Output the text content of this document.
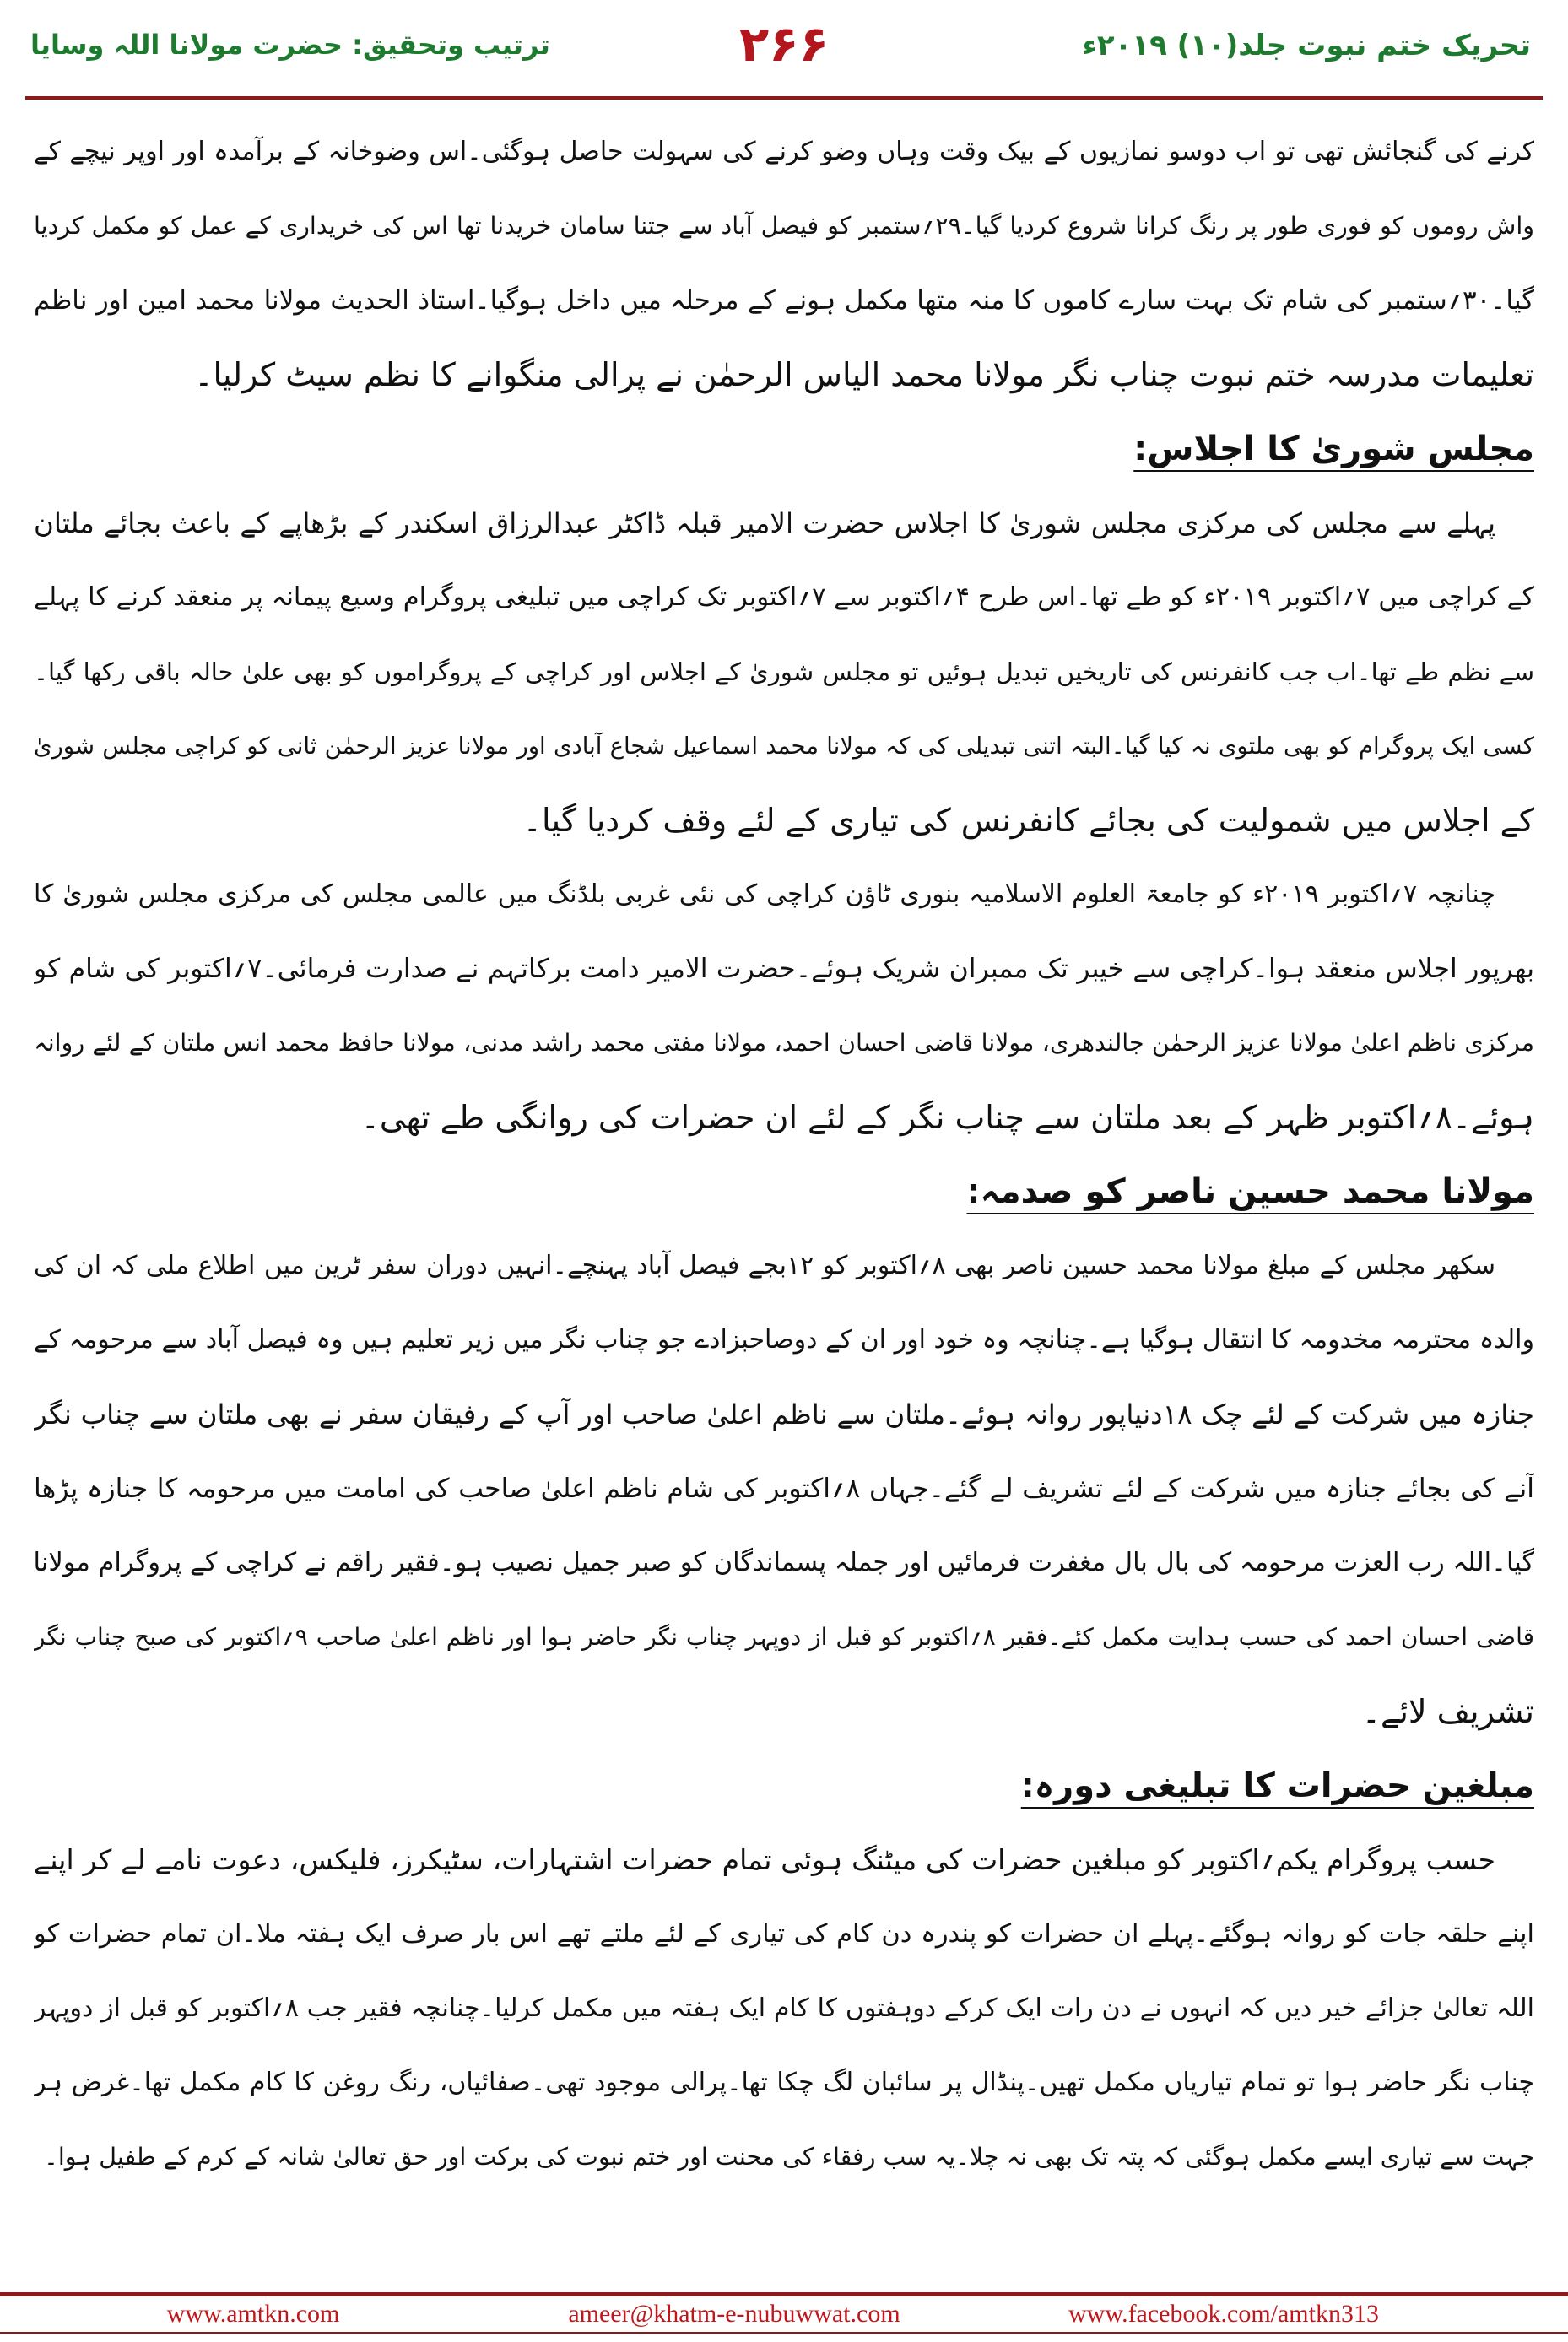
تحریک ختم نبوت جلد(۱۰) ۲۰۱۹ء
۲۶۶
ترتیب وتحقیق: حضرت مولانا اللہ وسایا
کرنے کی گنجائش تھی تو اب دوسو نمازیوں کے بیک وقت وہاں وضو کرنے کی سہولت حاصل ہوگئی۔اس وضوخانہ کے برآمدہ اور اوپر نیچے کے
واش روموں کو فوری طور پر رنگ کرانا شروع کردیا گیا۔۲۹؍ستمبر کو فیصل آباد سے جتنا سامان خریدنا تھا اس کی خریداری کے عمل کو مکمل کردیا
گیا۔۳۰؍ستمبر کی شام تک بہت سارے کاموں کا منہ متھا مکمل ہونے کے مرحلہ میں داخل ہوگیا۔استاذ الحدیث مولانا محمد امین اور ناظم
تعلیمات مدرسہ ختم نبوت چناب نگر مولانا محمد الیاس الرحمٰن نے پرالی منگوانے کا نظم سیٹ کرلیا۔
مجلس شوریٰ کا اجلاس:
پہلے سے مجلس کی مرکزی مجلس شوریٰ کا اجلاس حضرت الامیر قبلہ ڈاکٹر عبدالرزاق اسکندر کے بڑھاپے کے باعث بجائے ملتان
کے کراچی میں ۷؍اکتوبر ۲۰۱۹ء کو طے تھا۔اس طرح ۴؍اکتوبر سے ۷؍اکتوبر تک کراچی میں تبلیغی پروگرام وسیع پیمانہ پر منعقد کرنے کا پہلے
سے نظم طے تھا۔اب جب کانفرنس کی تاریخیں تبدیل ہوئیں تو مجلس شوریٰ کے اجلاس اور کراچی کے پروگراموں کو بھی علیٰ حالہ باقی رکھا گیا۔
کسی ایک پروگرام کو بھی ملتوی نہ کیا گیا۔البتہ اتنی تبدیلی کی کہ مولانا محمد اسماعیل شجاع آبادی اور مولانا عزیز الرحمٰن ثانی کو کراچی مجلس شوریٰ
کے اجلاس میں شمولیت کی بجائے کانفرنس کی تیاری کے لئے وقف کردیا گیا۔
چنانچہ ۷؍اکتوبر ۲۰۱۹ء کو جامعۃ العلوم الاسلامیہ بنوری ٹاؤن کراچی کی نئی غربی بلڈنگ میں عالمی مجلس کی مرکزی مجلس شوریٰ کا
بھرپور اجلاس منعقد ہوا۔کراچی سے خیبر تک ممبران شریک ہوئے۔حضرت الامیر دامت برکاتہم نے صدارت فرمائی۔۷؍اکتوبر کی شام کو
مرکزی ناظم اعلیٰ مولانا عزیز الرحمٰن جالندھری، مولانا قاضی احسان احمد، مولانا مفتی محمد راشد مدنی، مولانا حافظ محمد انس ملتان کے لئے روانہ
ہوئے۔۸؍اکتوبر ظہر کے بعد ملتان سے چناب نگر کے لئے ان حضرات کی روانگی طے تھی۔
مولانا محمد حسین ناصر کو صدمہ:
سکھر مجلس کے مبلغ مولانا محمد حسین ناصر بھی ۸؍اکتوبر کو ۱۲بجے فیصل آباد پہنچے۔انہیں دوران سفر ٹرین میں اطلاع ملی کہ ان کی
والدہ محترمہ مخدومہ کا انتقال ہوگیا ہے۔چنانچہ وہ خود اور ان کے دوصاحبزادے جو چناب نگر میں زیر تعلیم ہیں وہ فیصل آباد سے مرحومہ کے
جنازہ میں شرکت کے لئے چک ۱۸دنیاپور روانہ ہوئے۔ملتان سے ناظم اعلیٰ صاحب اور آپ کے رفیقان سفر نے بھی ملتان سے چناب نگر
آنے کی بجائے جنازہ میں شرکت کے لئے تشریف لے گئے۔جہاں ۸؍اکتوبر کی شام ناظم اعلیٰ صاحب کی امامت میں مرحومہ کا جنازہ پڑھا
گیا۔اللہ رب العزت مرحومہ کی بال بال مغفرت فرمائیں اور جملہ پسماندگان کو صبر جمیل نصیب ہو۔فقیر راقم نے کراچی کے پروگرام مولانا
قاضی احسان احمد کی حسب ہدایت مکمل کئے۔فقیر ۸؍اکتوبر کو قبل از دوپہر چناب نگر حاضر ہوا اور ناظم اعلیٰ صاحب ۹؍اکتوبر کی صبح چناب نگر
تشریف لائے۔
مبلغین حضرات کا تبلیغی دورہ:
حسب پروگرام یکم؍اکتوبر کو مبلغین حضرات کی میٹنگ ہوئی تمام حضرات اشتہارات، سٹیکرز، فلیکس، دعوت نامے لے کر اپنے
اپنے حلقہ جات کو روانہ ہوگئے۔پہلے ان حضرات کو پندرہ دن کام کی تیاری کے لئے ملتے تھے اس بار صرف ایک ہفتہ ملا۔ان تمام حضرات کو
اللہ تعالیٰ جزائے خیر دیں کہ انہوں نے دن رات ایک کرکے دوہفتوں کا کام ایک ہفتہ میں مکمل کرلیا۔چنانچہ فقیر جب ۸؍اکتوبر کو قبل از دوپہر
چناب نگر حاضر ہوا تو تمام تیاریاں مکمل تھیں۔پنڈال پر سائبان لگ چکا تھا۔پرالی موجود تھی۔صفائیاں، رنگ روغن کا کام مکمل تھا۔غرض ہر
جہت سے تیاری ایسے مکمل ہوگئی کہ پتہ تک بھی نہ چلا۔یہ سب رفقاء کی محنت اور ختم نبوت کی برکت اور حق تعالیٰ شانہ کے کرم کے طفیل ہوا۔
www.amtkn.com	ameer@khatm-e-nubuwwat.com	www.facebook.com/amtkn313
